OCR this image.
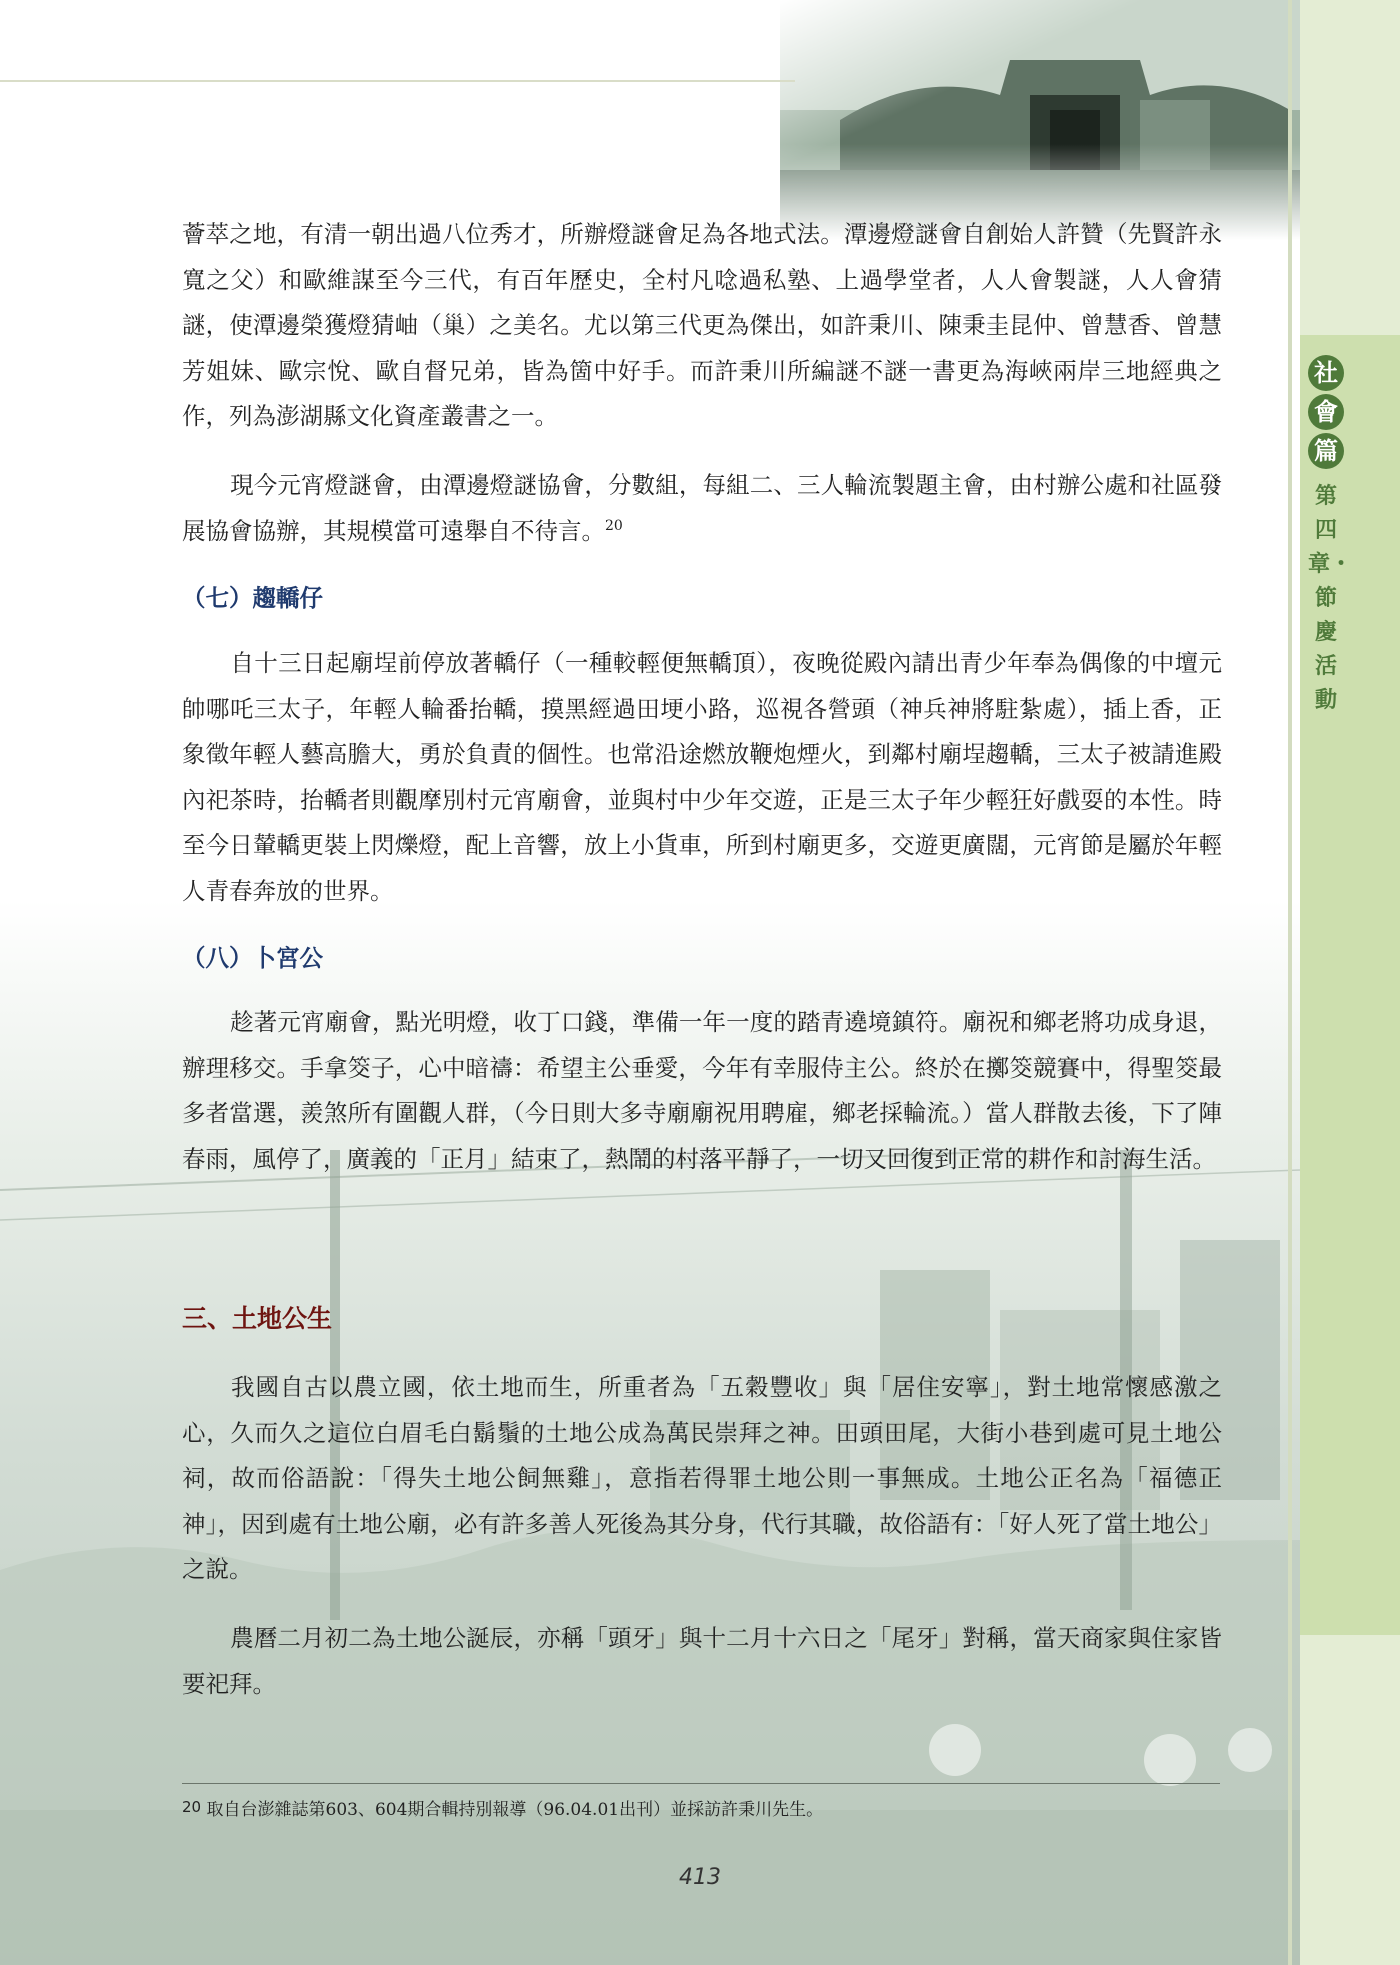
社
會
篇
第四章・節慶活動

薈萃之地，有清一朝出過八位秀才，所辦燈謎會足為各地式法。潭邊燈謎會自創始人許贊（先賢許永寬之父）和歐維謀至今三代，有百年歷史，全村凡唸過私塾、上過學堂者，人人會製謎，人人會猜謎，使潭邊榮獲燈猜岫（巢）之美名。尤以第三代更為傑出，如許秉川、陳秉圭昆仲、曾慧香、曾慧芳姐妹、歐宗悅、歐自督兄弟，皆為箇中好手。而許秉川所編謎不謎一書更為海峽兩岸三地經典之作，列為澎湖縣文化資產叢書之一。

現今元宵燈謎會，由潭邊燈謎協會，分數組，每組二、三人輪流製題主會，由村辦公處和社區發展協會協辦，其規模當可遠舉自不待言。$^{20}$

（七）趨轎仔

自十三日起廟埕前停放著轎仔（一種較輕便無轎頂），夜晚從殿內請出青少年奉為偶像的中壇元帥哪吒三太子，年輕人輪番抬轎，摸黑經過田埂小路，巡視各營頭（神兵神將駐紮處），插上香，正象徵年輕人藝高膽大，勇於負責的個性。也常沿途燃放鞭炮煙火，到鄰村廟埕趨轎，三太子被請進殿內祀茶時，抬轎者則觀摩別村元宵廟會，並與村中少年交遊，正是三太子年少輕狂好戲耍的本性。時至今日輦轎更裝上閃爍燈，配上音響，放上小貨車，所到村廟更多，交遊更廣闊，元宵節是屬於年輕人青春奔放的世界。

（八）卜宮公

趁著元宵廟會，點光明燈，收丁口錢，準備一年一度的踏青遶境鎮符。廟祝和鄉老將功成身退，辦理移交。手拿筊子，心中暗禱：希望主公垂愛，今年有幸服侍主公。終於在擲筊競賽中，得聖筊最多者當選，羨煞所有圍觀人群，（今日則大多寺廟廟祝用聘雇，鄉老採輪流。）當人群散去後，下了陣春雨，風停了，廣義的「正月」結束了，熱鬧的村落平靜了，一切又回復到正常的耕作和討海生活。

三、土地公生

我國自古以農立國，依土地而生，所重者為「五穀豐收」與「居住安寧」，對土地常懷感激之心，久而久之這位白眉毛白鬍鬚的土地公成為萬民崇拜之神。田頭田尾，大街小巷到處可見土地公祠，故而俗語說：「得失土地公飼無雞」，意指若得罪土地公則一事無成。土地公正名為「福德正神」，因到處有土地公廟，必有許多善人死後為其分身，代行其職，故俗語有：「好人死了當土地公」之說。

農曆二月初二為土地公誕辰，亦稱「頭牙」與十二月十六日之「尾牙」對稱，當天商家與住家皆要祀拜。

20 取自台澎雜誌第603、604期合輯持別報導（96.04.01出刊）並採訪許秉川先生。
413
